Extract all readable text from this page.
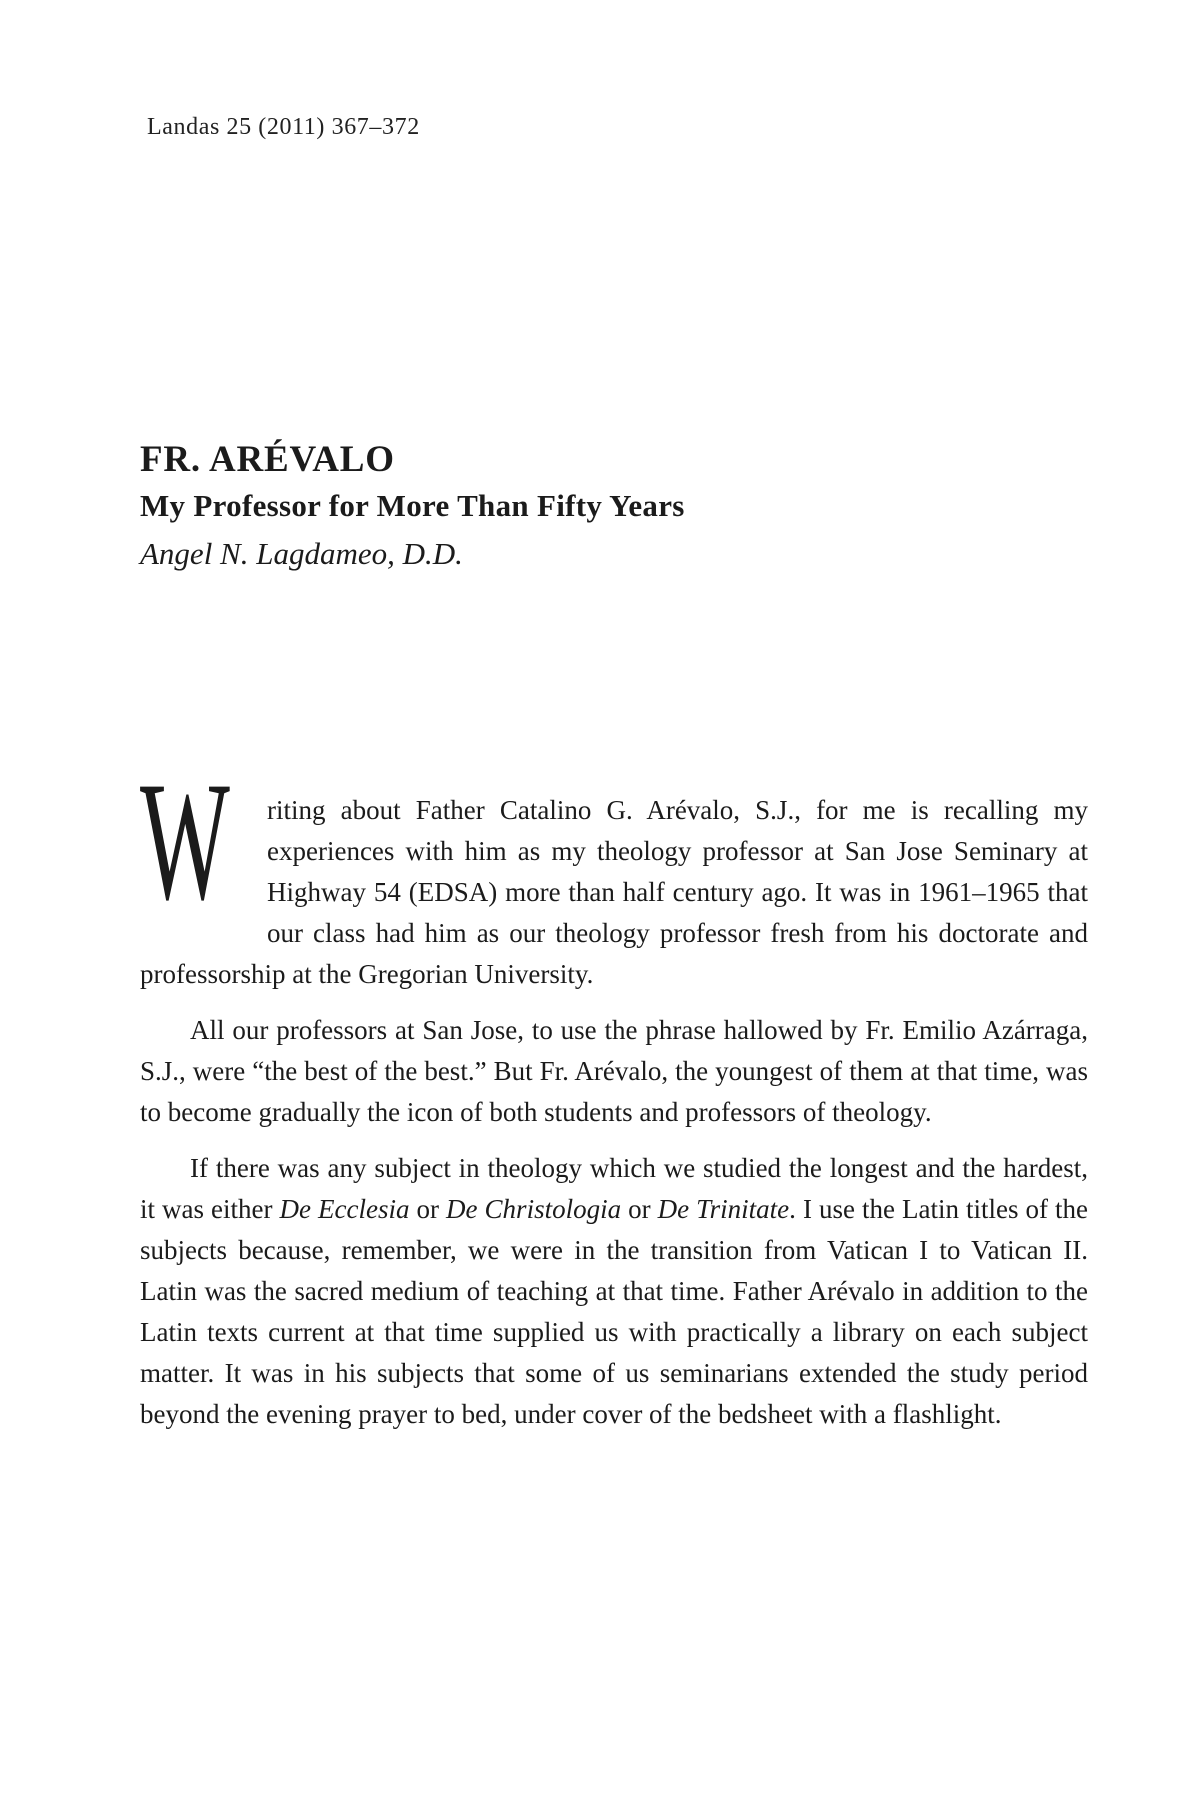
Landas 25 (2011) 367–372
FR. ARÉVALO
My Professor for More Than Fifty Years
Angel N. Lagdameo, D.D.

W riting about Father Catalino G. Arévalo, S.J., for me is recalling my experiences with him as my theology professor at San Jose Seminary at Highway 54 (EDSA) more than half century ago. It was in 1961–1965 that our class had him as our theology professor fresh from his doctorate and professorship at the Gregorian University.

All our professors at San Jose, to use the phrase hallowed by Fr. Emilio Azárraga, S.J., were “the best of the best.” But Fr. Arévalo, the youngest of them at that time, was to become gradually the icon of both students and professors of theology.

If there was any subject in theology which we studied the longest and the hardest, it was either De Ecclesia or De Christologia or De Trinitate. I use the Latin titles of the subjects because, remember, we were in the transition from Vatican I to Vatican II. Latin was the sacred medium of teaching at that time. Father Arévalo in addition to the Latin texts current at that time supplied us with practically a library on each subject matter. It was in his subjects that some of us seminarians extended the study period beyond the evening prayer to bed, under cover of the bedsheet with a flashlight.
